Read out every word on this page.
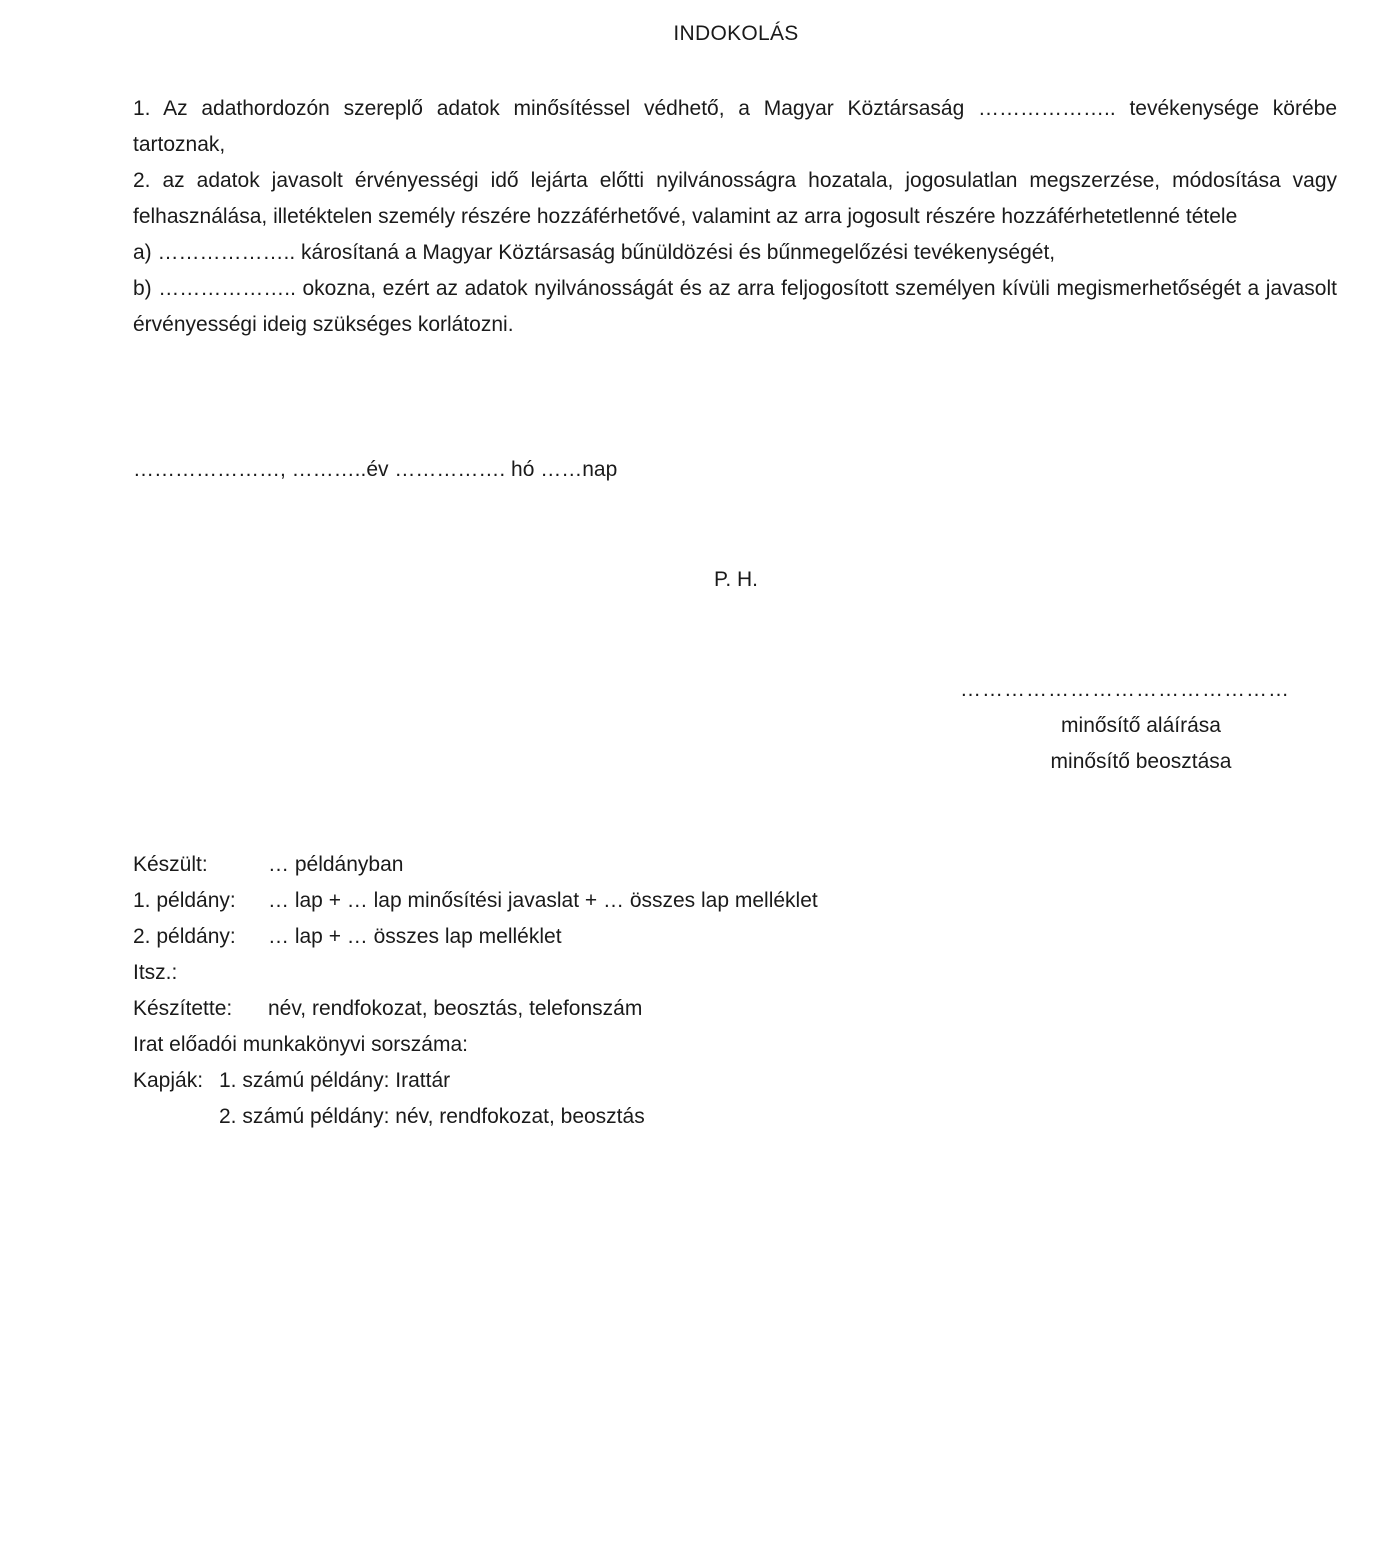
INDOKOLÁS

1. Az adathordozón szereplő adatok minősítéssel védhető, a Magyar Köztársaság ……………….. tevékenysége körébe tartoznak,

2. az adatok javasolt érvényességi idő lejárta előtti nyilvánosságra hozatala, jogosulatlan megszerzése, módosítása vagy felhasználása, illetéktelen személy részére hozzáférhetővé, valamint az arra jogosult részére hozzáférhetetlenné tétele

a) ……………….. károsítaná a Magyar Köztársaság bűnüldözési és bűnmegelőzési tevékenységét,

b) ……………….. okozna, ezért az adatok nyilvánosságát és az arra feljogosított személyen kívüli megismerhetőségét a javasolt érvényességi ideig szükséges korlátozni.

…………………, ………..év ……………. hó ……nap
P. H.
………………………………………
minősítő aláírása
minősítő beosztása
Készült:	… példányban
1. példány:	… lap + … lap minősítési javaslat + … összes lap melléklet
2. példány:	… lap + … összes lap melléklet
Itsz.:
Készítette:	név, rendfokozat, beosztás, telefonszám
Irat előadói munkakönyvi sorszáma:
Kapják: 1. számú példány: Irattár
2. számú példány: név, rendfokozat, beosztás
